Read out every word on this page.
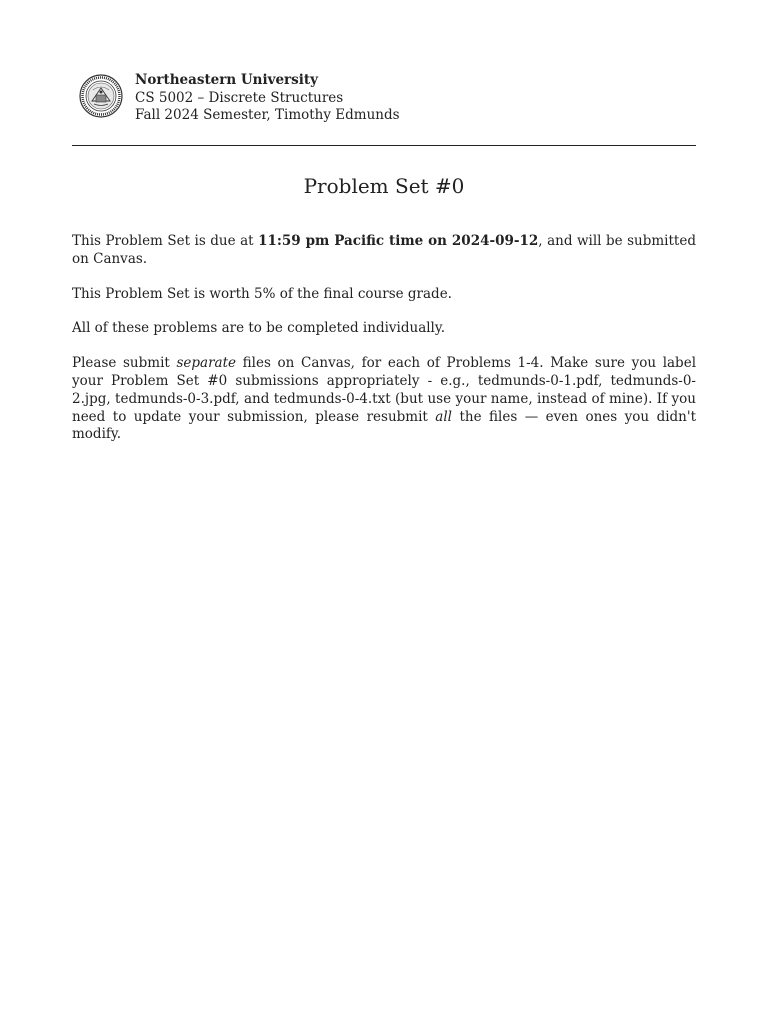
Northeastern University
CS 5002 – Discrete Structures
Fall 2024 Semester, Timothy Edmunds
Problem Set #0

This Problem Set is due at 11:59 pm Pacific time on 2024-09-12, and will be submitted on Canvas.

This Problem Set is worth 5% of the final course grade.

All of these problems are to be completed individually.

Please submit separate files on Canvas, for each of Problems 1-4. Make sure you label your Problem Set #0 submissions appropriately - e.g., tedmunds-0-1.pdf, tedmunds-0-2.jpg, tedmunds-0-3.pdf, and tedmunds-0-4.txt (but use your name, instead of mine). If you need to update your submission, please resubmit all the files — even ones you didn't modify.
